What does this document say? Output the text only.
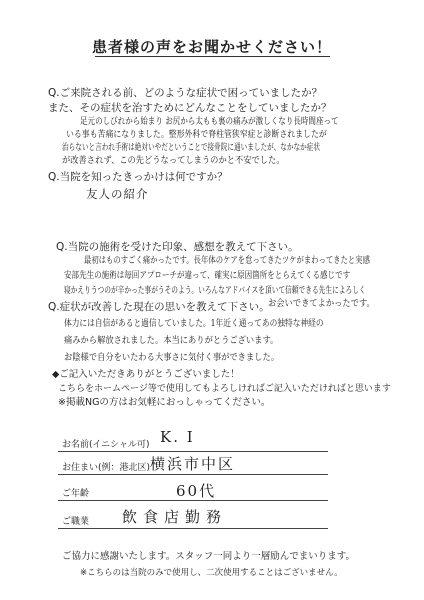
患者様の声をお聞かせください！
Q.ご来院される前、どのような症状で困っていましたか？
また、その症状を治すためにどんなことをしていましたか？
足元のしびれから始まり お尻から太もも裏の痛みが激しくなり長時間座って
いる事も苦痛になりました。整形外科で脊柱管狭窄症と診断されましたが
治らないと言われ手術は絶対いやだということで接骨院に通いましたが、なかなか症状
が改善されず、この先どうなってしまうのかと不安でした。
Q.当院を知ったきっかけは何ですか？
友人の紹介
Q.当院の施術を受けた印象、感想を教えて下さい。
最初はものすごく痛かったです。長年体のケアを怠ってきたツケがまわってきたと実感
安部先生の施術は毎回アプローチが違って、確実に原因箇所をとらえてくる感じです
寝かえりうつのが辛かった事がうそのよう。いろんなアドバイスを頂いて信頼できる先生によろしく
お会いできてよかったです。
Q.症状が改善した現在の思いを教えて下さい。
体力には自信があると過信していました。1年近く通ってあの独特な神経の
痛みから解放されました。本当にありがとうございます。
お陰様で自分をいたわる大事さに気付く事ができました。
◆ご記入いただきありがとうございました！
こちらをホームページ等で使用してもよろしければご記入いただければと思います
※掲載NGの方はお気軽におっしゃってください。
お名前(イニシャル可) K. I
お住まい(例：港北区) 横浜市中区
ご年齢	60代
ご職業 飲食店勤務
ご協力に感謝いたします。スタッフ一同より一層励んでまいります。
※こちらのは当院のみで使用し、二次使用することはございません。
